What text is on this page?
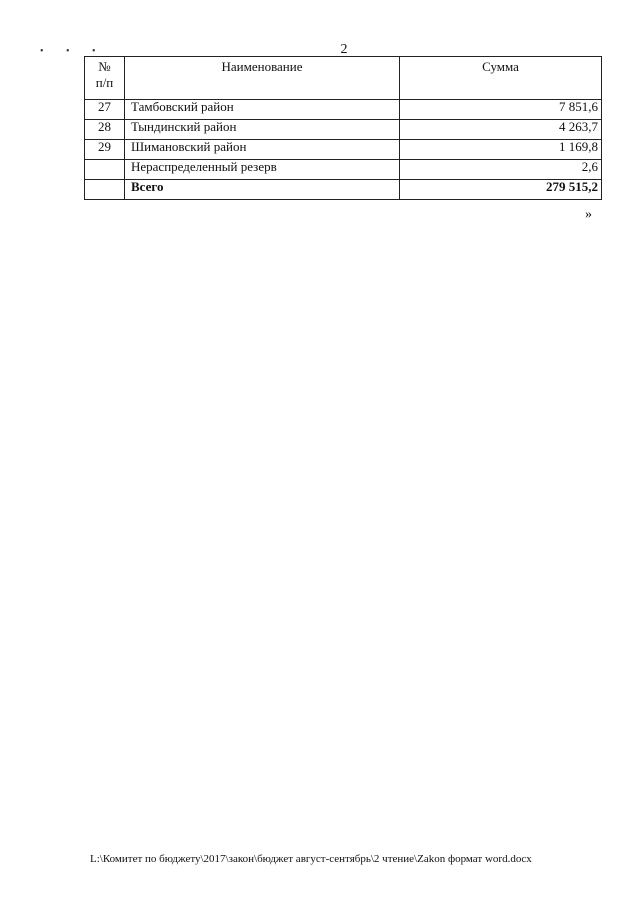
• • •	2
№
п/п	Наименование	Сумма
27	Тамбовский район	7 851,6
28	Тындинский район	4 263,7
29	Шимановский район	1 169,8
	Нераспределенный резерв	2,6
	Всего	279 515,2
»
L:\Комитет по бюджету\2017\закон\бюджет август-сентябрь\2 чтение\Zakon формат word.docx
